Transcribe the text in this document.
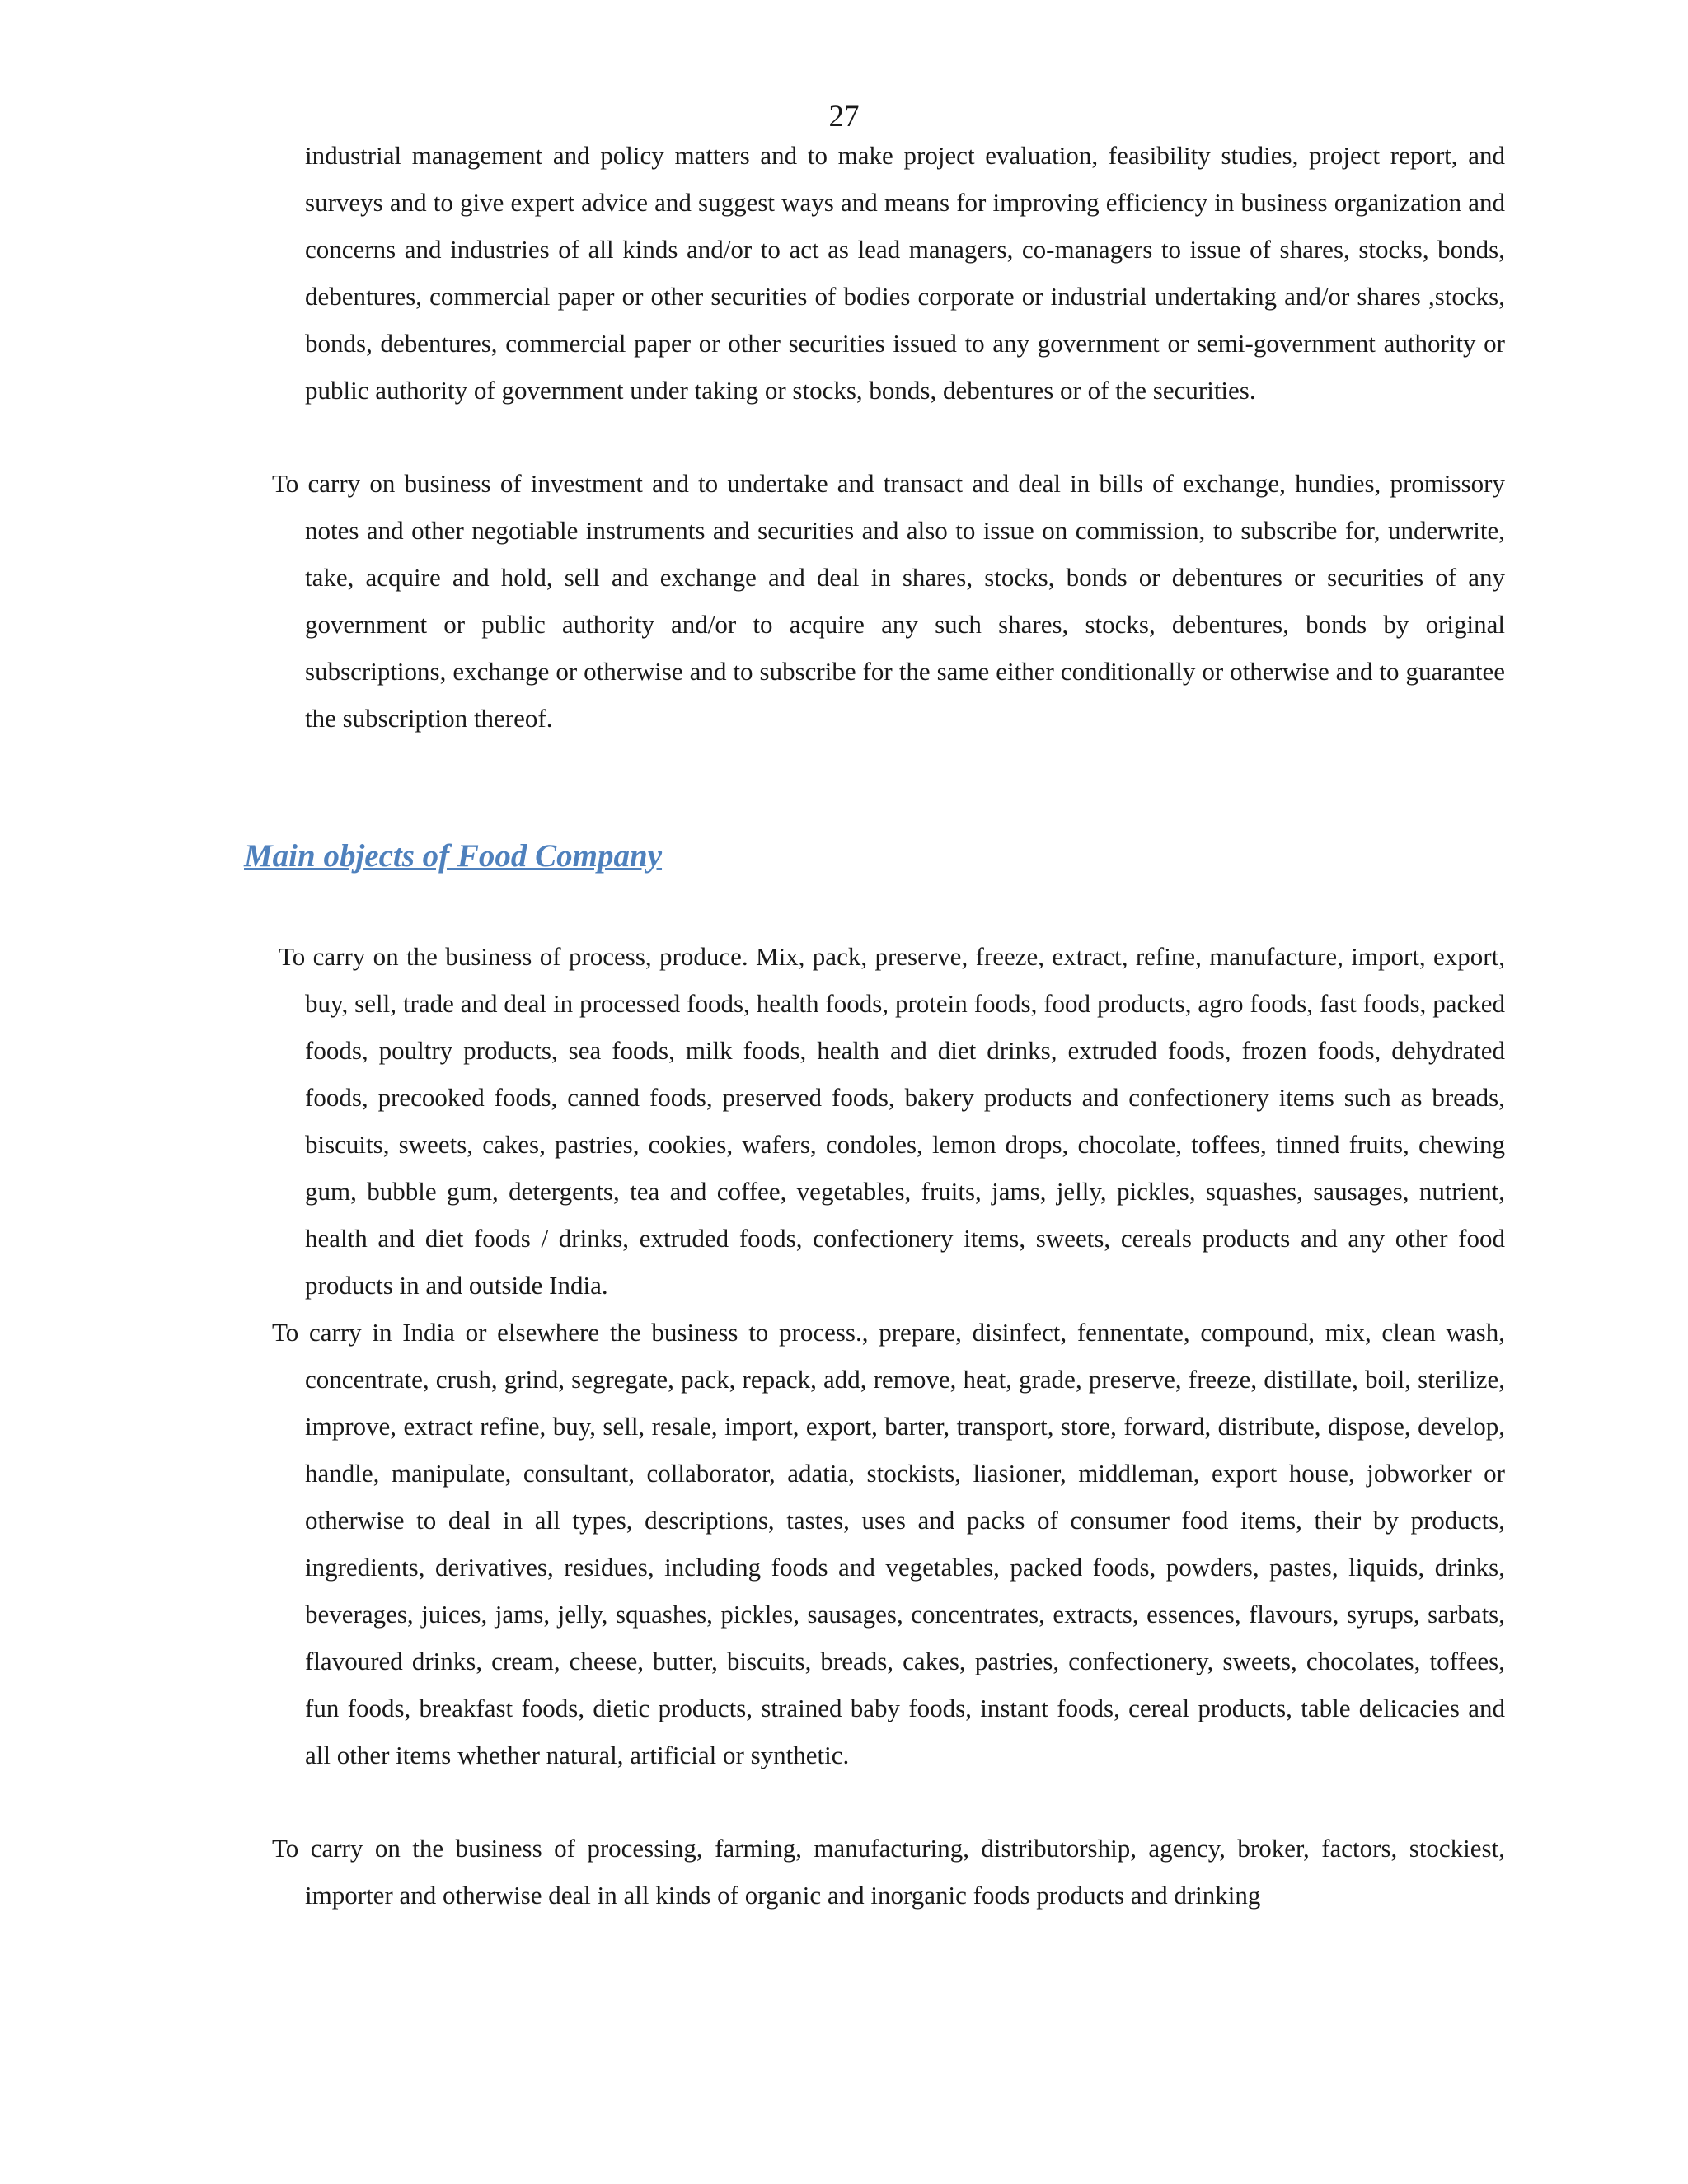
27

industrial management and policy matters and to make project evaluation, feasibility studies, project report, and surveys and to give expert advice and suggest ways and means for improving efficiency in business organization and concerns and industries of all kinds and/or to act as lead managers, co-managers to issue of shares, stocks, bonds, debentures, commercial paper or other securities of bodies corporate or industrial undertaking and/or shares ,stocks, bonds, debentures, commercial paper or other securities issued to any government or semi-government authority or public authority of government under taking or stocks, bonds, debentures or of the securities.

To carry on business of investment and to undertake and transact and deal in bills of exchange, hundies, promissory notes and other negotiable instruments and securities and also to issue on commission, to subscribe for, underwrite, take, acquire and hold, sell and exchange and deal in shares, stocks, bonds or debentures or securities of any government or public authority and/or to acquire any such shares, stocks, debentures, bonds by original subscriptions, exchange or otherwise and to subscribe for the same either conditionally or otherwise and to guarantee the subscription thereof.

Main objects of Food Company

To carry on the business of process, produce. Mix, pack, preserve, freeze, extract, refine, manufacture, import, export, buy, sell, trade and deal in processed foods, health foods, protein foods, food products, agro foods, fast foods, packed foods, poultry products, sea foods, milk foods, health and diet drinks, extruded foods, frozen foods, dehydrated foods, precooked foods, canned foods, preserved foods, bakery products and confectionery items such as breads, biscuits, sweets, cakes, pastries, cookies, wafers, condoles, lemon drops, chocolate, toffees, tinned fruits, chewing gum, bubble gum, detergents, tea and coffee, vegetables, fruits, jams, jelly, pickles, squashes, sausages, nutrient, health and diet foods / drinks, extruded foods, confectionery items, sweets, cereals products and any other food products in and outside India.

To carry in India or elsewhere the business to process., prepare, disinfect, fennentate, compound, mix, clean wash, concentrate, crush, grind, segregate, pack, repack, add, remove, heat, grade, preserve, freeze, distillate, boil, sterilize, improve, extract refine, buy, sell, resale, import, export, barter, transport, store, forward, distribute, dispose, develop, handle, manipulate, consultant, collaborator, adatia, stockists, liasioner, middleman, export house, jobworker or otherwise to deal in all types, descriptions, tastes, uses and packs of consumer food items, their by products, ingredients, derivatives, residues, including foods and vegetables, packed foods, powders, pastes, liquids, drinks, beverages, juices, jams, jelly, squashes, pickles, sausages, concentrates, extracts, essences, flavours, syrups, sarbats, flavoured drinks, cream, cheese, butter, biscuits, breads, cakes, pastries, confectionery, sweets, chocolates, toffees, fun foods, breakfast foods, dietic products, strained baby foods, instant foods, cereal products, table delicacies and all other items whether natural, artificial or synthetic.

To carry on the business of processing, farming, manufacturing, distributorship, agency, broker, factors, stockiest, importer and otherwise deal in all kinds of organic and inorganic foods products and drinking
